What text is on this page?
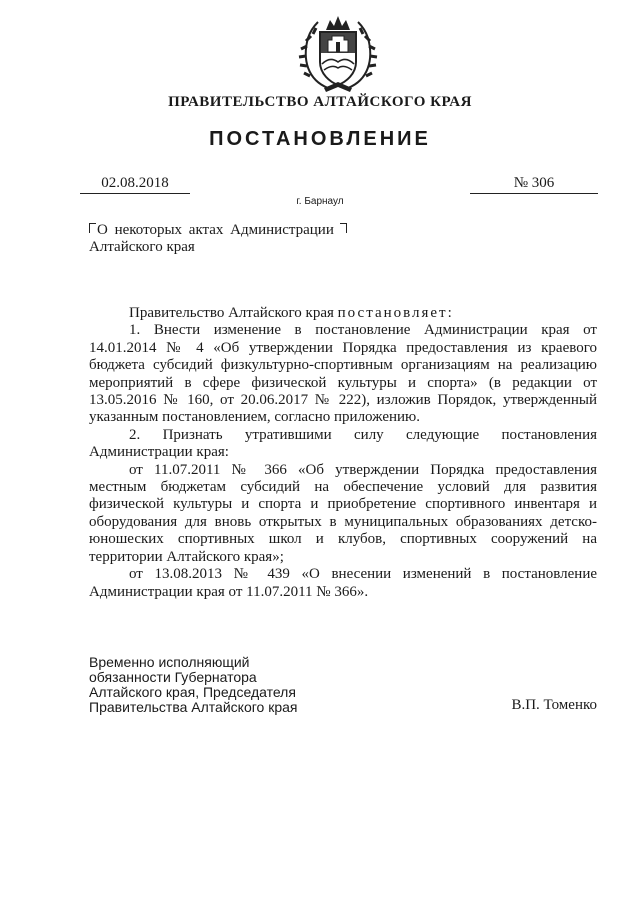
ПРАВИТЕЛЬСТВО АЛТАЙСКОГО КРАЯ
ПОСТАНОВЛЕНИЕ
02.08.2018	№ 306
г. Барнаул
О некоторых актах Администрации
Алтайского края

Правительство Алтайского края постановляет:

1. Внести изменение в постановление Администрации края от 14.01.2014 № 4 «Об утверждении Порядка предоставления из краевого бюджета субсидий физкультурно-спортивным организациям на реализацию мероприятий в сфере физической культуры и спорта» (в редакции от 13.05.2016 № 160, от 20.06.2017 № 222), изложив Порядок, утвержденный указанным постановлением, согласно приложению.

2. Признать утратившими силу следующие постановления Администрации края:

от 11.07.2011 № 366 «Об утверждении Порядка предоставления местным бюджетам субсидий на обеспечение условий для развития физической культуры и спорта и приобретение спортивного инвентаря и оборудования для вновь открытых в муниципальных образованиях детско-юношеских спортивных школ и клубов, спортивных сооружений на территории Алтайского края»;

от 13.08.2013 № 439 «О внесении изменений в постановление Администрации края от 11.07.2011 № 366».

Временно исполняющий
обязанности Губернатора
Алтайского края, Председателя
Правительства Алтайского края	В.П. Томенко
